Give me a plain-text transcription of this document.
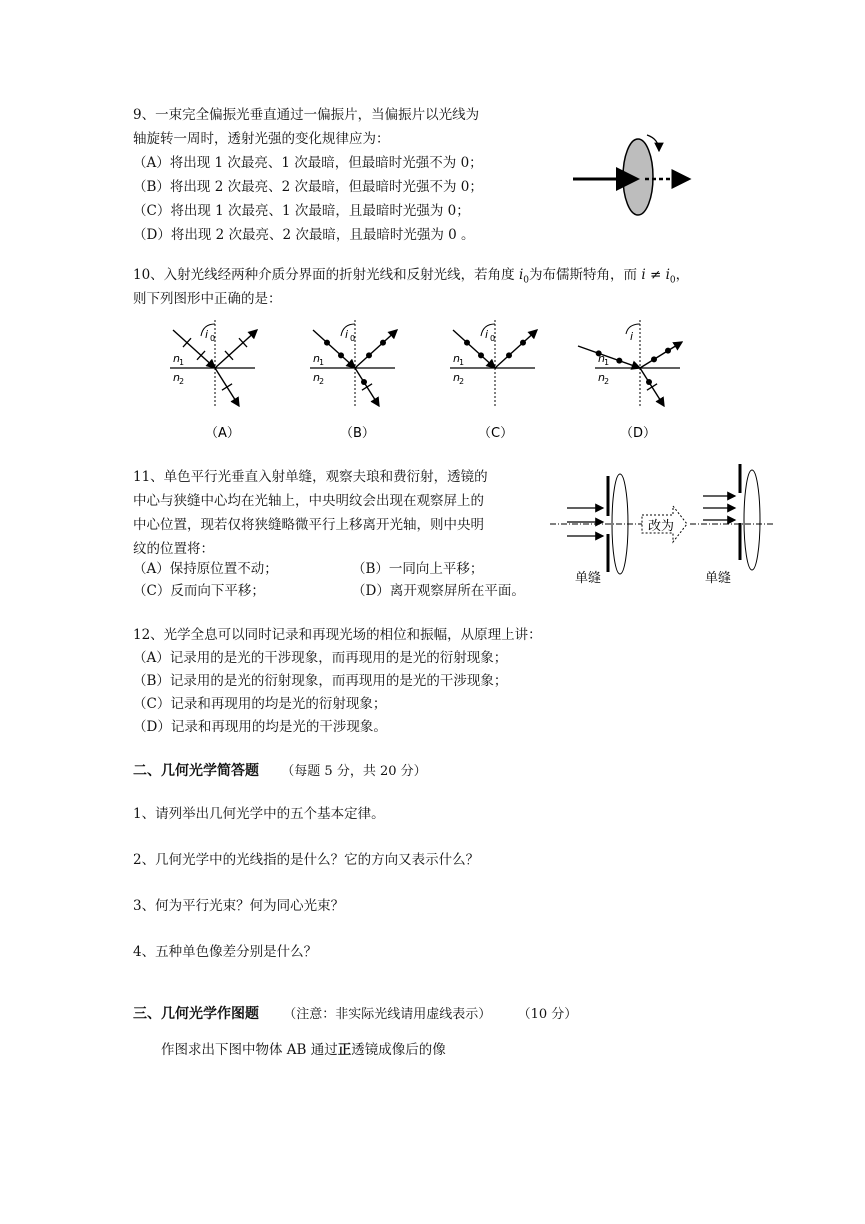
9、一束完全偏振光垂直通过一偏振片，当偏振片以光线为
轴旋转一周时，透射光强的变化规律应为：
（A）将出现 1 次最亮、1 次最暗，但最暗时光强不为 0；
（B）将出现 2 次最亮、2 次最暗，但最暗时光强不为 0；
（C）将出现 1 次最亮、1 次最暗，且最暗时光强为 0；
（D）将出现 2 次最亮、2 次最暗，且最暗时光强为 0 。
10、入射光线经两种介质分界面的折射光线和反射光线，若角度 $i_0$为布儒斯特角，而 $i \ne i_0$，
则下列图形中正确的是：
n 1
n 2
i 0
n 1
n 2
i 0
n 1
n 2
i 0
n 1
n 2
i
（A）	（B）	（C）	（D）
11、单色平行光垂直入射单缝，观察夫琅和费衍射，透镜的
中心与狭缝中心均在光轴上，中央明纹会出现在观察屏上的
中心位置，现若仅将狭缝略微平行上移离开光轴，则中央明
纹的位置将：
（A）保持原位置不动；	（B）一同向上平移；
（C）反而向下平移；	（D）离开观察屏所在平面。
单缝
改为
单缝
12、光学全息可以同时记录和再现光场的相位和振幅，从原理上讲：
（A）记录用的是光的干涉现象，而再现用的是光的衍射现象；
（B）记录用的是光的衍射现象，而再现用的是光的干涉现象；
（C）记录和再现用的均是光的衍射现象；
（D）记录和再现用的均是光的干涉现象。
二、几何光学简答题 （每题 5 分，共 20 分）
1、请列举出几何光学中的五个基本定律。
2、几何光学中的光线指的是什么？它的方向又表示什么？
3、何为平行光束？何为同心光束？
4、五种单色像差分别是什么？
三、几何光学作图题 （注意：非实际光线请用虚线表示） （10 分）
作图求出下图中物体 AB 通过正透镜成像后的像
